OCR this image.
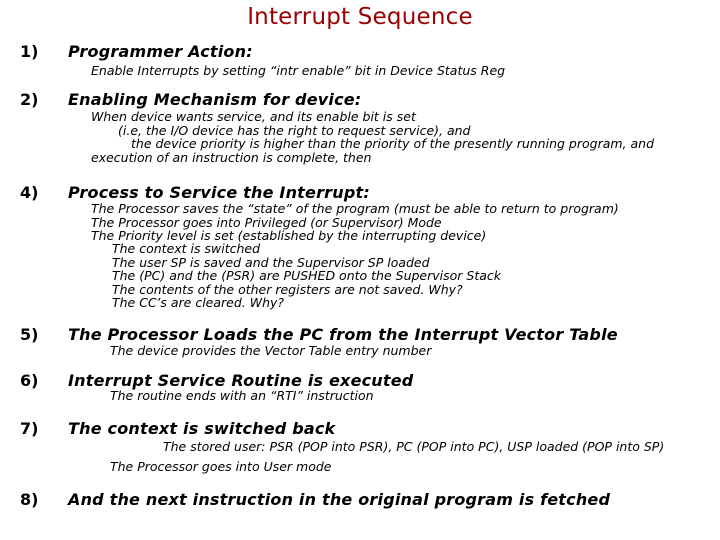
Interrupt Sequence
1) Programmer Action:
Enable Interrupts by setting “intr enable” bit in Device Status Reg
2) Enabling Mechanism for device:
When device wants service, and its enable bit is set
(i.e, the I/O device has the right to request service), and
the device priority is higher than the priority of the presently running program, and
execution of an instruction is complete, then
4) Process to Service the Interrupt:
The Processor saves the “state” of the program (must be able to return to program)
The Processor goes into Privileged (or Supervisor) Mode
The Priority level is set (established by the interrupting device)
The context is switched
The user SP is saved and the Supervisor SP loaded
The (PC) and the (PSR) are PUSHED onto the Supervisor Stack
The contents of the other registers are not saved. Why?
The CC’s are cleared. Why?
5) The Processor Loads the PC from the Interrupt Vector Table
The device provides the Vector Table entry number
6) Interrupt Service Routine is executed
The routine ends with an “RTI” instruction
7) The context is switched back
The stored user: PSR (POP into PSR), PC (POP into PC), USP loaded (POP into SP)
The Processor goes into User mode
8) And the next instruction in the original program is fetched
